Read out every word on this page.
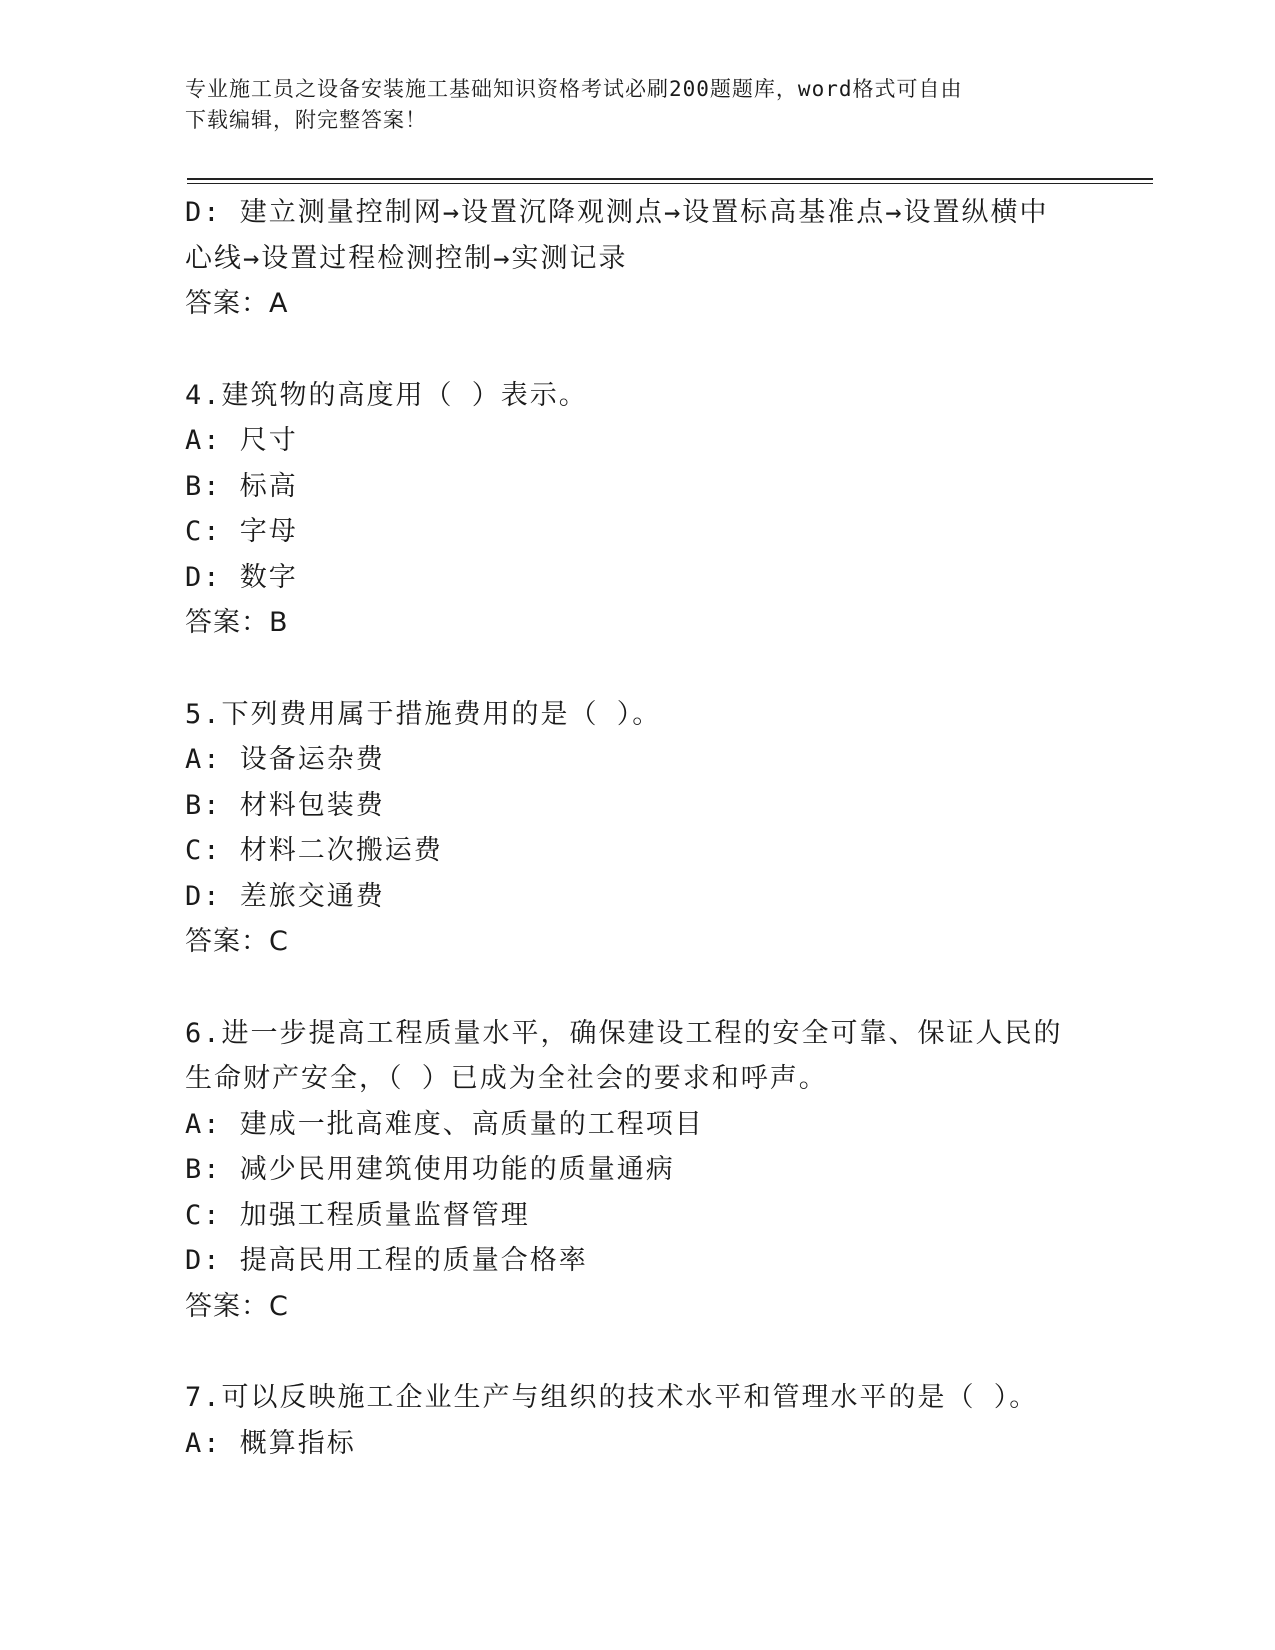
专业施工员之设备安装施工基础知识资格考试必刷200题题库，word格式可自由
下载编辑，附完整答案！
D: 建立测量控制网→设置沉降观测点→设置标高基准点→设置纵横中
心线→设置过程检测控制→实测记录
答案：A
4.建筑物的高度用（ ）表示。
A: 尺寸
B: 标高
C: 字母
D: 数字
答案：B
5.下列费用属于措施费用的是（ ）。
A: 设备运杂费
B: 材料包装费
C: 材料二次搬运费
D: 差旅交通费
答案：C
6.进一步提高工程质量水平，确保建设工程的安全可靠、保证人民的
生命财产安全，（ ）已成为全社会的要求和呼声。
A: 建成一批高难度、高质量的工程项目
B: 减少民用建筑使用功能的质量通病
C: 加强工程质量监督管理
D: 提高民用工程的质量合格率
答案：C
7.可以反映施工企业生产与组织的技术水平和管理水平的是（ ）。
A: 概算指标
